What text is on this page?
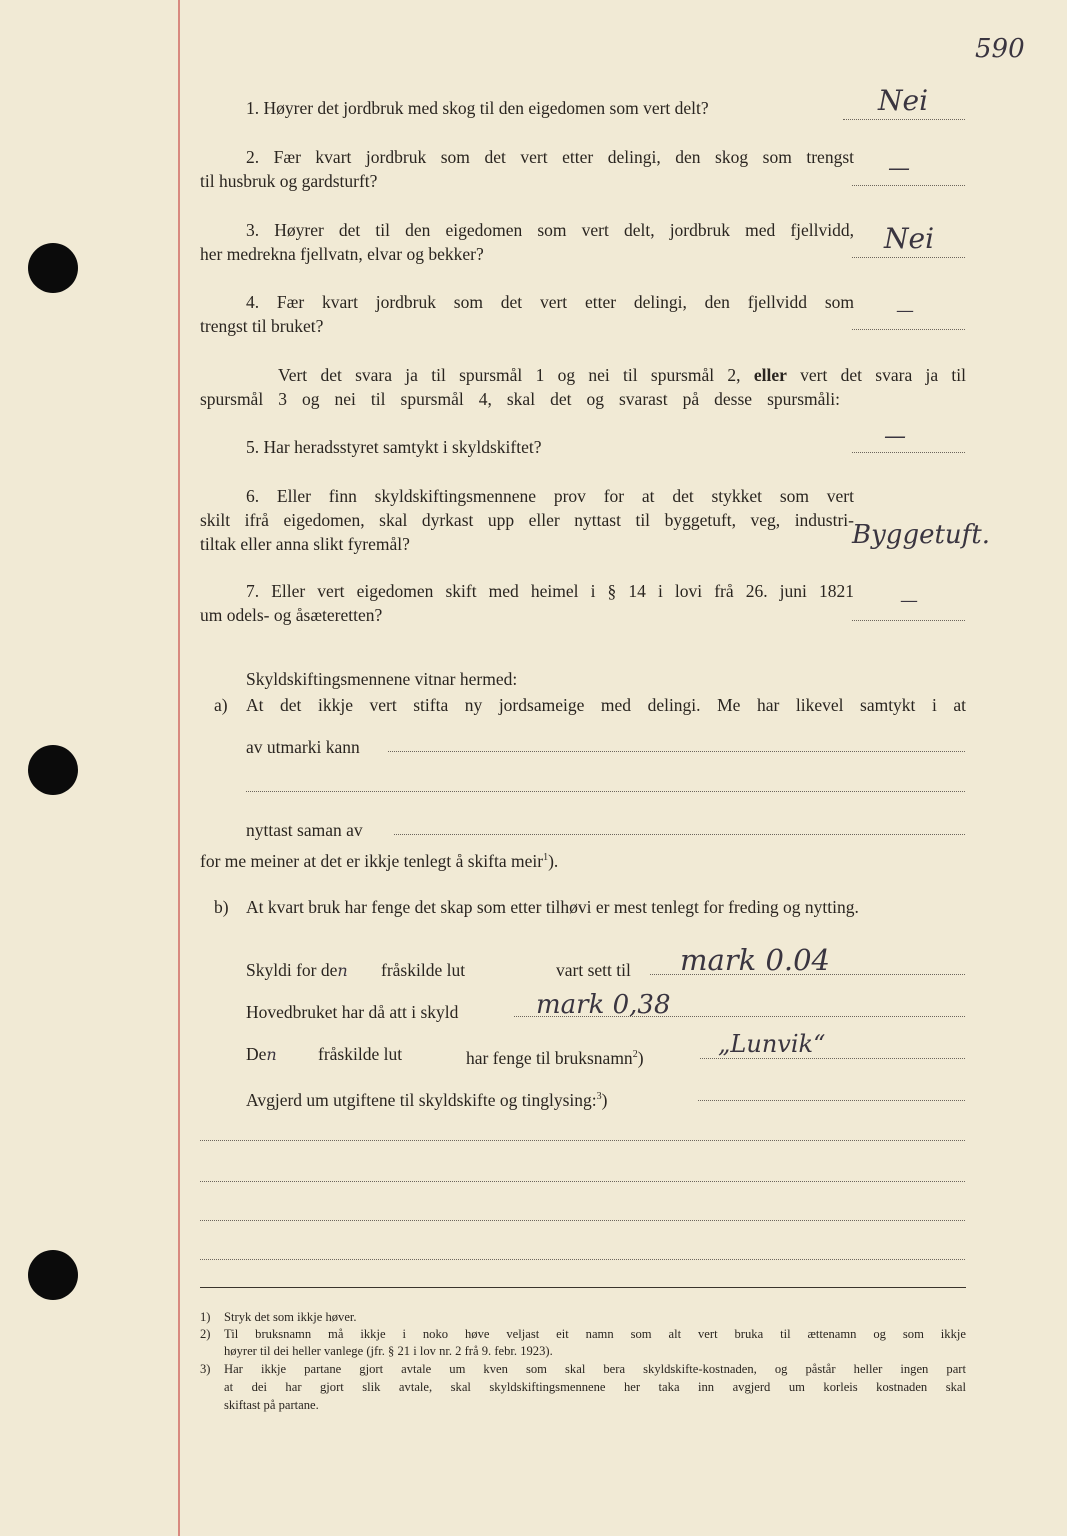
590
1. Høyrer det jordbruk med skog til den eigedomen som vert delt?	Nei
2. Fær kvart jordbruk som det vert etter delingi, den skog som trengst
til husbruk og gardsturft?	—
3. Høyrer det til den eigedomen som vert delt, jordbruk med fjellvidd,
her medrekna fjellvatn, elvar og bekker?	Nei
4. Fær kvart jordbruk som det vert etter delingi, den fjellvidd som
trengst til bruket?
—
Vert det svara ja til spursmål 1 og nei til spursmål 2, eller vert det svara ja til
spursmål 3 og nei til spursmål 4, skal det og svarast på desse spursmåli:
5. Har heradsstyret samtykt i skyldskiftet?	—
6. Eller finn skyldskiftingsmennene prov for at det stykket som vert
skilt ifrå eigedomen, skal dyrkast upp eller nyttast til byggetuft, veg, industri-
tiltak eller anna slikt fyremål?	Byggetuft.
7. Eller vert eigedomen skift med heimel i § 14 i lovi frå 26. juni 1821
um odels- og åsæteretten?
—
Skyldskiftingsmennene vitnar hermed:
a) At det ikkje vert stifta ny jordsameige med delingi. Me har likevel samtykt i at
av utmarki kann
nyttast saman av
for me meiner at det er ikkje tenlegt å skifta meir$^1$).
b) At kvart bruk har fenge det skap som etter tilhøvi er mest tenlegt for freding og nytting.
Skyldi for den fråskilde lut	vart sett til mark 0.04
Hovedbruket har då att i skyld	mark 0,38
Den fråskilde lut	har fenge til bruksnamn$^2$)	„Lunvik“
Avgjerd um utgiftene til skyldskifte og tinglysing:$^3$)
1) Stryk det som ikkje høver.
2) Til bruksnamn må ikkje i noko høve veljast eit namn som alt vert bruka til ættenamn og som ikkje
høyrer til dei heller vanlege (jfr. § 21 i lov nr. 2 frå 9. febr. 1923).
3) Har ikkje partane gjort avtale um kven som skal bera skyldskifte-kostnaden, og påstår heller ingen part
at dei har gjort slik avtale, skal skyldskiftingsmennene her taka inn avgjerd um korleis kostnaden skal
skiftast på partane.
